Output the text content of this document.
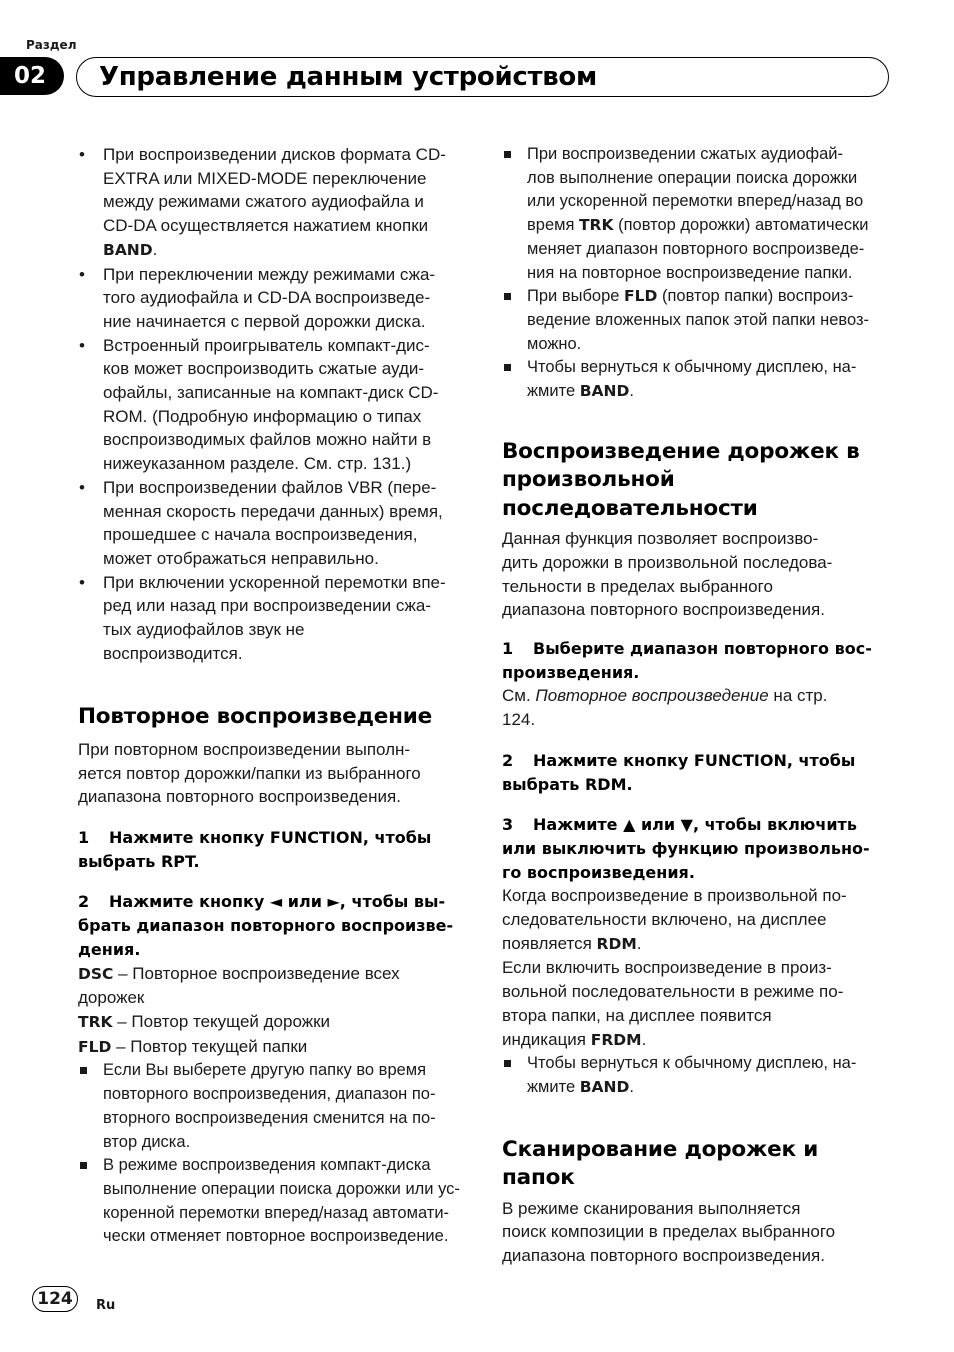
Раздел
02	Управление данным устройством
• При воспроизведении дисков формата CD-
EXTRA или MIXED-MODE переключение
между режимами сжатого аудиофайла и
CD-DA осуществляется нажатием кнопки
BAND.
• При переключении между режимами сжа-
того аудиофайла и CD-DA воспроизведе-
ние начинается с первой дорожки диска.
• Встроенный проигрыватель компакт-дис-
ков может воспроизводить сжатые ауди-
офайлы, записанные на компакт-диск CD-
ROM. (Подробную информацию о типах
воспроизводимых файлов можно найти в
нижеуказанном разделе. См. стр. 131.)
• При воспроизведении файлов VBR (пере-
менная скорость передачи данных) время,
прошедшее с начала воспроизведения,
может отображаться неправильно.
• При включении ускоренной перемотки впе-
ред или назад при воспроизведении сжа-
тых аудиофайлов звук не
воспроизводится.
Повторное воспроизведение
При повторном воспроизведении выполн-
яется повтор дорожки/папки из выбранного
диапазона повторного воспроизведения.
1 Нажмите кнопку FUNCTION, чтобы
выбрать RPT.
2 Нажмите кнопку ◄ или ►, чтобы вы-
брать диапазон повторного воспроизве-
дения.
DSC – Повторное воспроизведение всех
дорожек
TRK – Повтор текущей дорожки
FLD – Повтор текущей папки
Если Вы выберете другую папку во время
повторного воспроизведения, диапазон по-
вторного воспроизведения сменится на по-
втор диска.
В режиме воспроизведения компакт-диска
выполнение операции поиска дорожки или ус-
коренной перемотки вперед/назад автомати-
чески отменяет повторное воспроизведение.
При воспроизведении сжатых аудиофай-
лов выполнение операции поиска дорожки
или ускоренной перемотки вперед/назад во
время TRK (повтор дорожки) автоматически
меняет диапазон повторного воспроизведе-
ния на повторное воспроизведение папки.
При выборе FLD (повтор папки) воспроиз-
ведение вложенных папок этой папки невоз-
можно.
Чтобы вернуться к обычному дисплею, на-
жмите BAND.
Воспроизведение дорожек в
произвольной
последовательности
Данная функция позволяет воспроизво-
дить дорожки в произвольной последова-
тельности в пределах выбранного
диапазона повторного воспроизведения.
1 Выберите диапазон повторного вос-
произведения.
См. Повторное воспроизведение на стр.
124.
2 Нажмите кнопку FUNCTION, чтобы
выбрать RDM.
3 Нажмите ▲ или ▼, чтобы включить
или выключить функцию произвольно-
го воспроизведения.
Когда воспроизведение в произвольной по-
следовательности включено, на дисплее
появляется RDM.
Если включить воспроизведение в произ-
вольной последовательности в режиме по-
втора папки, на дисплее появится
индикация FRDM.
Чтобы вернуться к обычному дисплею, на-
жмите BAND.
Сканирование дорожек и папок
В режиме сканирования выполняется
поиск композиции в пределах выбранного
диапазона повторного воспроизведения.
124	Ru
